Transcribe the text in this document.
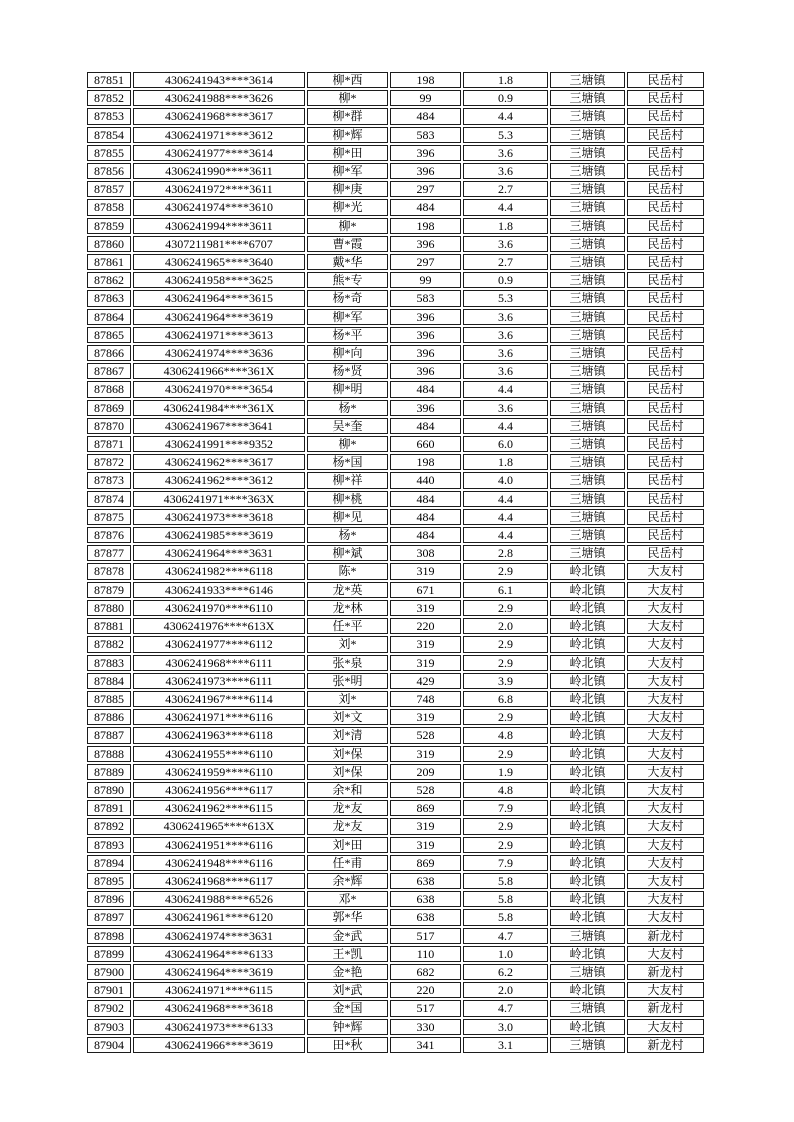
87851	4306241943****3614	柳*西	198	1.8	三塘镇	民岳村
87852	4306241988****3626	柳*	99	0.9	三塘镇	民岳村
87853	4306241968****3617	柳*群	484	4.4	三塘镇	民岳村
87854	4306241971****3612	柳*辉	583	5.3	三塘镇	民岳村
87855	4306241977****3614	柳*田	396	3.6	三塘镇	民岳村
87856	4306241990****3611	柳*军	396	3.6	三塘镇	民岳村
87857	4306241972****3611	柳*庚	297	2.7	三塘镇	民岳村
87858	4306241974****3610	柳*光	484	4.4	三塘镇	民岳村
87859	4306241994****3611	柳*	198	1.8	三塘镇	民岳村
87860	4307211981****6707	曹*霞	396	3.6	三塘镇	民岳村
87861	4306241965****3640	戴*华	297	2.7	三塘镇	民岳村
87862	4306241958****3625	熊*专	99	0.9	三塘镇	民岳村
87863	4306241964****3615	杨*奇	583	5.3	三塘镇	民岳村
87864	4306241964****3619	柳*军	396	3.6	三塘镇	民岳村
87865	4306241971****3613	杨*平	396	3.6	三塘镇	民岳村
87866	4306241974****3636	柳*向	396	3.6	三塘镇	民岳村
87867	4306241966****361X	杨*贤	396	3.6	三塘镇	民岳村
87868	4306241970****3654	柳*明	484	4.4	三塘镇	民岳村
87869	4306241984****361X	杨*	396	3.6	三塘镇	民岳村
87870	4306241967****3641	吴*奎	484	4.4	三塘镇	民岳村
87871	4306241991****9352	柳*	660	6.0	三塘镇	民岳村
87872	4306241962****3617	杨*国	198	1.8	三塘镇	民岳村
87873	4306241962****3612	柳*祥	440	4.0	三塘镇	民岳村
87874	4306241971****363X	柳*桃	484	4.4	三塘镇	民岳村
87875	4306241973****3618	柳*见	484	4.4	三塘镇	民岳村
87876	4306241985****3619	杨*	484	4.4	三塘镇	民岳村
87877	4306241964****3631	柳*斌	308	2.8	三塘镇	民岳村
87878	4306241982****6118	陈*	319	2.9	岭北镇	大友村
87879	4306241933****6146	龙*英	671	6.1	岭北镇	大友村
87880	4306241970****6110	龙*林	319	2.9	岭北镇	大友村
87881	4306241976****613X	任*平	220	2.0	岭北镇	大友村
87882	4306241977****6112	刘*	319	2.9	岭北镇	大友村
87883	4306241968****6111	张*泉	319	2.9	岭北镇	大友村
87884	4306241973****6111	张*明	429	3.9	岭北镇	大友村
87885	4306241967****6114	刘*	748	6.8	岭北镇	大友村
87886	4306241971****6116	刘*文	319	2.9	岭北镇	大友村
87887	4306241963****6118	刘*清	528	4.8	岭北镇	大友村
87888	4306241955****6110	刘*保	319	2.9	岭北镇	大友村
87889	4306241959****6110	刘*保	209	1.9	岭北镇	大友村
87890	4306241956****6117	余*和	528	4.8	岭北镇	大友村
87891	4306241962****6115	龙*友	869	7.9	岭北镇	大友村
87892	4306241965****613X	龙*友	319	2.9	岭北镇	大友村
87893	4306241951****6116	刘*田	319	2.9	岭北镇	大友村
87894	4306241948****6116	任*甫	869	7.9	岭北镇	大友村
87895	4306241968****6117	余*辉	638	5.8	岭北镇	大友村
87896	4306241988****6526	邓*	638	5.8	岭北镇	大友村
87897	4306241961****6120	郭*华	638	5.8	岭北镇	大友村
87898	4306241974****3631	金*武	517	4.7	三塘镇	新龙村
87899	4306241964****6133	王*凯	110	1.0	岭北镇	大友村
87900	4306241964****3619	金*艳	682	6.2	三塘镇	新龙村
87901	4306241971****6115	刘*武	220	2.0	岭北镇	大友村
87902	4306241968****3618	金*国	517	4.7	三塘镇	新龙村
87903	4306241973****6133	钟*辉	330	3.0	岭北镇	大友村
87904	4306241966****3619	田*秋	341	3.1	三塘镇	新龙村
